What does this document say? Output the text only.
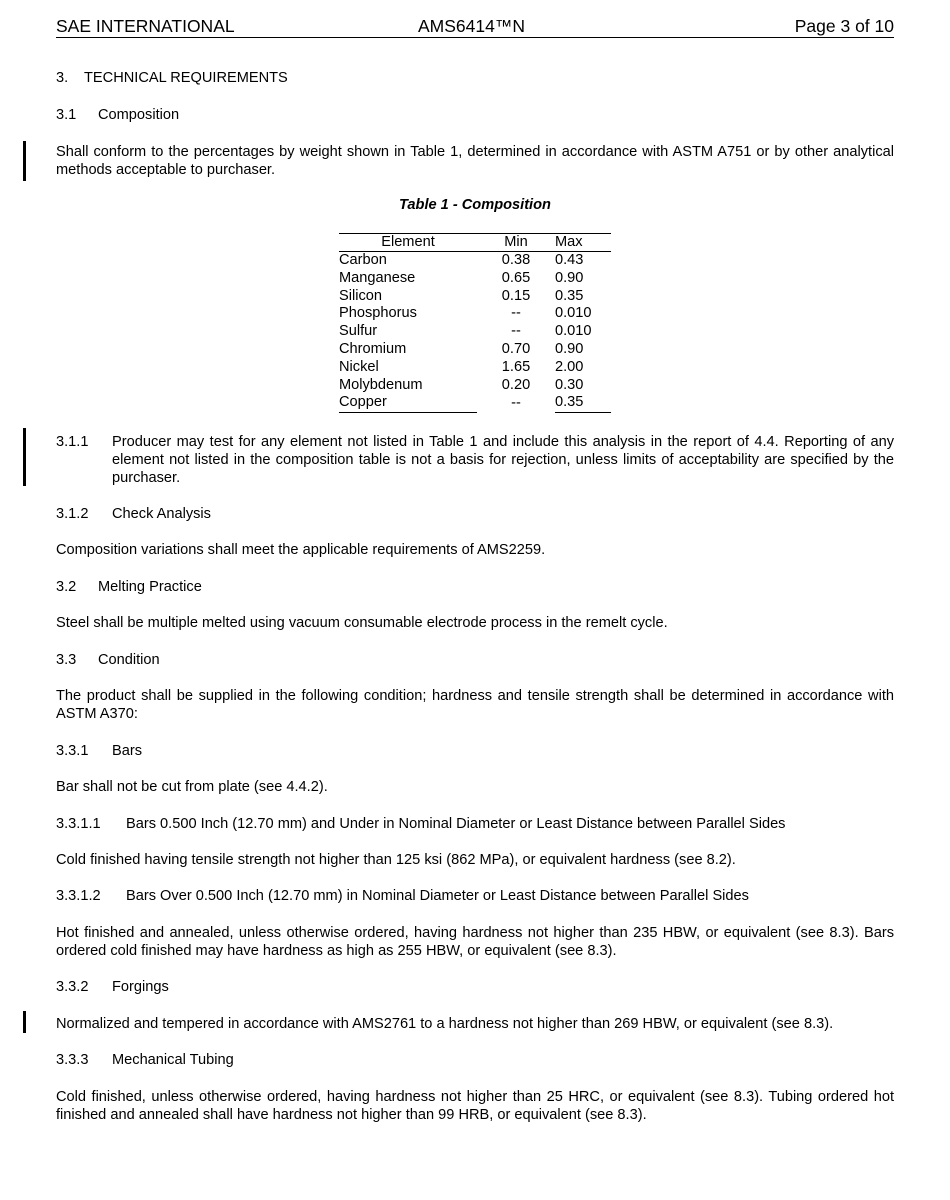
SAE INTERNATIONAL	AMS6414™N	Page 3 of 10
3. TECHNICAL REQUIREMENTS
3.1 Composition
Shall conform to the percentages by weight shown in Table 1, determined in accordance with ASTM A751 or by other analytical methods acceptable to purchaser.
Table 1 - Composition
Element	Min	Max
Carbon	0.38	0.43
Manganese	0.65	0.90
Silicon	0.15	0.35
Phosphorus	--	0.010
Sulfur	--	0.010
Chromium	0.70	0.90
Nickel	1.65	2.00
Molybdenum	0.20	0.30
Copper	--	0.35
3.1.1 Producer may test for any element not listed in Table 1 and include this analysis in the report of 4.4. Reporting of any element not listed in the composition table is not a basis for rejection, unless limits of acceptability are specified by the purchaser.
3.1.2 Check Analysis
Composition variations shall meet the applicable requirements of AMS2259.
3.2 Melting Practice
Steel shall be multiple melted using vacuum consumable electrode process in the remelt cycle.
3.3 Condition
The product shall be supplied in the following condition; hardness and tensile strength shall be determined in accordance with ASTM A370:
3.3.1 Bars
Bar shall not be cut from plate (see 4.4.2).
3.3.1.1 Bars 0.500 Inch (12.70 mm) and Under in Nominal Diameter or Least Distance between Parallel Sides
Cold finished having tensile strength not higher than 125 ksi (862 MPa), or equivalent hardness (see 8.2).
3.3.1.2 Bars Over 0.500 Inch (12.70 mm) in Nominal Diameter or Least Distance between Parallel Sides
Hot finished and annealed, unless otherwise ordered, having hardness not higher than 235 HBW, or equivalent (see 8.3). Bars ordered cold finished may have hardness as high as 255 HBW, or equivalent (see 8.3).
3.3.2 Forgings
Normalized and tempered in accordance with AMS2761 to a hardness not higher than 269 HBW, or equivalent (see 8.3).
3.3.3 Mechanical Tubing
Cold finished, unless otherwise ordered, having hardness not higher than 25 HRC, or equivalent (see 8.3). Tubing ordered hot finished and annealed shall have hardness not higher than 99 HRB, or equivalent (see 8.3).
